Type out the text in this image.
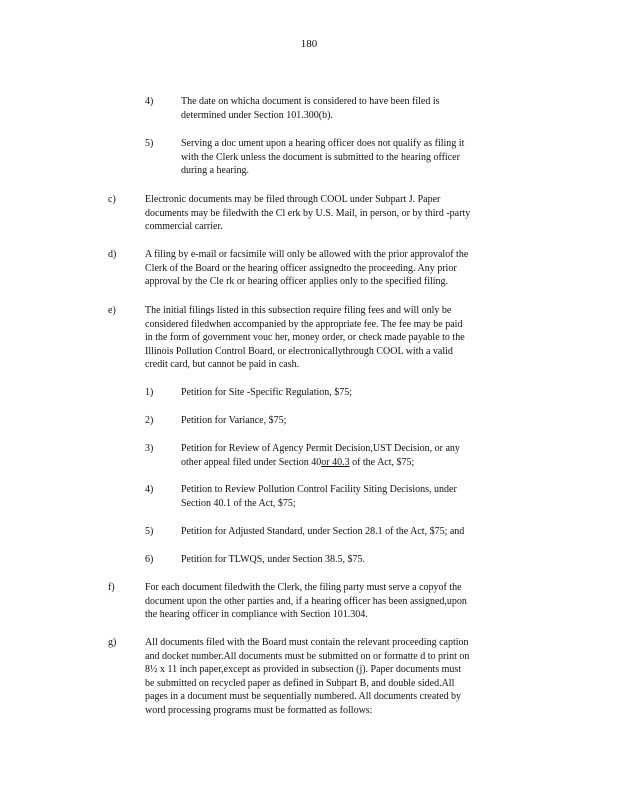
180
4)	The date on whicha document is considered to have been filed is
determined under Section 101.300(b).
5)	Serving a doc ument upon a hearing officer does not qualify as filing it
with the Clerk unless the document is submitted to the hearing officer
during a hearing.
c)	Electronic documents may be filed through COOL under Subpart J. Paper
documents may be filedwith the Cl erk by U.S. Mail, in person, or by third -party
commercial carrier.
d)	A filing by e-mail or facsimile will only be allowed with the prior approvalof the
Clerk of the Board or the hearing officer assignedto the proceeding. Any prior
approval by the Cle rk or hearing officer applies only to the specified filing.
e)	The initial filings listed in this subsection require filing fees and will only be
considered filedwhen accompanied by the appropriate fee. The fee may be paid
in the form of government vouc her, money order, or check made payable to the
Illinois Pollution Control Board, or electronicallythrough COOL with a valid
credit card, but cannot be paid in cash.
1)	Petition for Site -Specific Regulation, $75;
2)	Petition for Variance, $75;
3)	Petition for Review of Agency Permit Decision,UST Decision, or any
other appeal filed under Section 40or 40.3 of the Act, $75;
4)	Petition to Review Pollution Control Facility Siting Decisions, under
Section 40.1 of the Act, $75;
5)	Petition for Adjusted Standard, under Section 28.1 of the Act, $75; and
6)	Petition for TLWQS, under Section 38.5, $75.
f)	For each document filedwith the Clerk, the filing party must serve a copyof the
document upon the other parties and, if a hearing officer has been assigned,upon
the hearing officer in compliance with Section 101.304.
g)	All documents filed with the Board must contain the relevant proceeding caption
and docket number.All documents must be submitted on or formatte d to print on
8½ x 11 inch paper,except as provided in subsection (j). Paper documents must
be submitted on recycled paper as defined in Subpart B, and double sided.All
pages in a document must be sequentially numbered. All documents created by
word processing programs must be formatted as follows:
